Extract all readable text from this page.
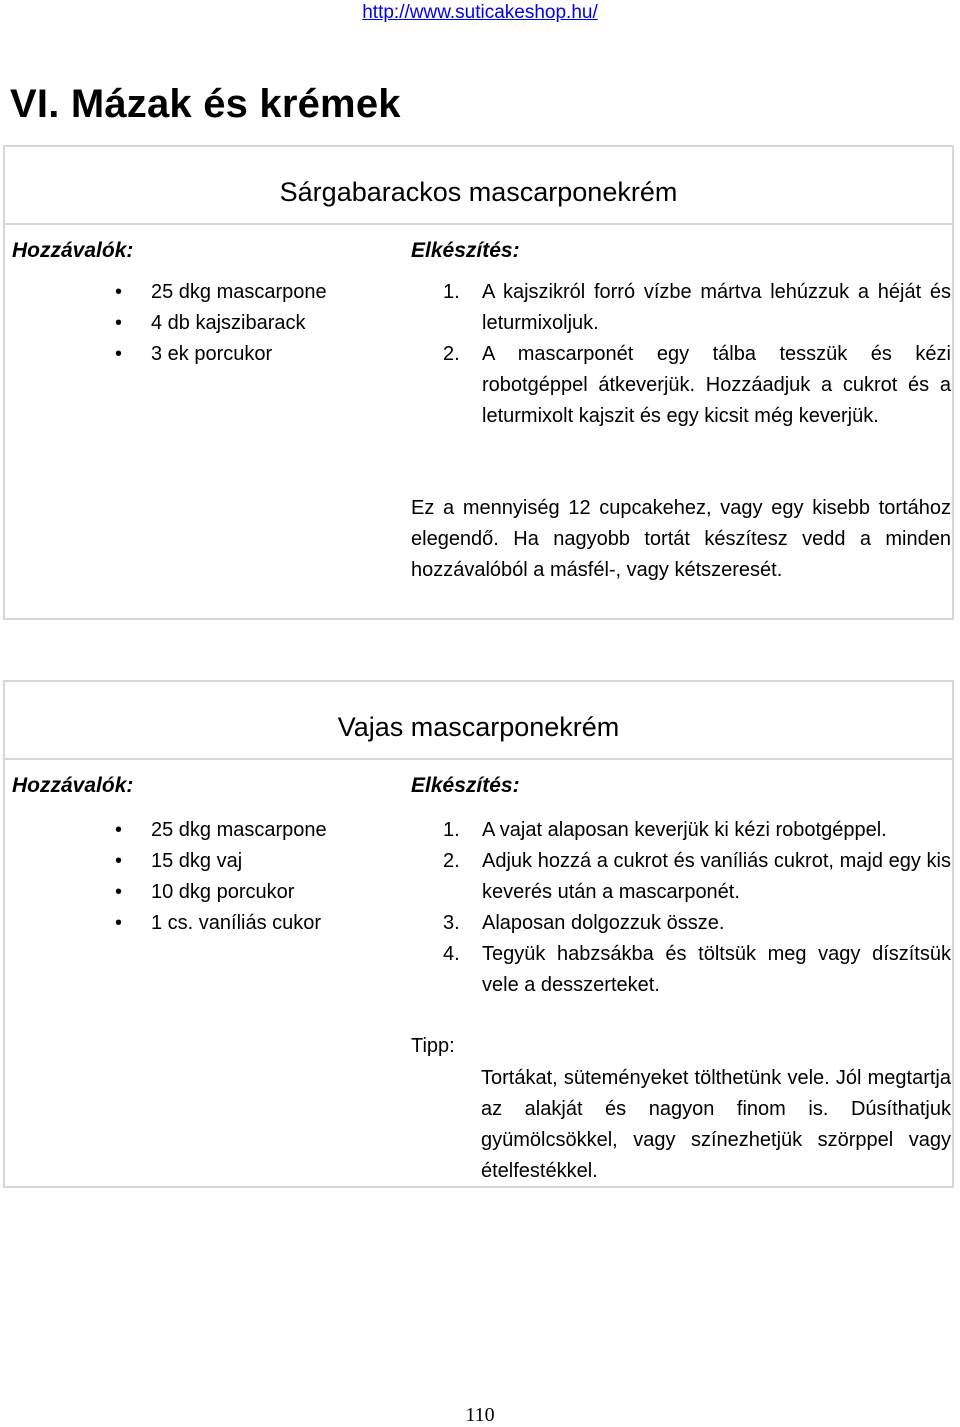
http://www.suticakeshop.hu/
VI. Mázak és krémek
Sárgabarackos mascarponekrém
Hozzávalók:	Elkészítés:
• 25 dkg mascarpone
• 4 db kajszibarack
• 3 ek porcukor
1. A kajszikról forró vízbe mártva lehúzzuk a héját és leturmixoljuk.
2. A mascarponét egy tálba tesszük és kézi robotgéppel átkeverjük. Hozzáadjuk a cukrot és a leturmixolt kajszit és egy kicsit még keverjük.

Ez a mennyiség 12 cupcakehez, vagy egy kisebb tortához elegendő. Ha nagyobb tortát készítesz vedd a minden hozzávalóból a másfél-, vagy kétszeresét.

Vajas mascarponekrém
Hozzávalók:	Elkészítés:
• 25 dkg mascarpone
• 15 dkg vaj
• 10 dkg porcukor
• 1 cs. vaníliás cukor
1. A vajat alaposan keverjük ki kézi robotgéppel.
2. Adjuk hozzá a cukrot és vaníliás cukrot, majd egy kis keverés után a mascarponét.
3. Alaposan dolgozzuk össze.
4. Tegyük habzsákba és töltsük meg vagy díszítsük vele a desszerteket.
Tipp:

Tortákat, süteményeket tölthetünk vele. Jól megtartja az alakját és nagyon finom is. Dúsíthatjuk gyümölcsökkel, vagy színezhetjük szörppel vagy ételfestékkel.

110
